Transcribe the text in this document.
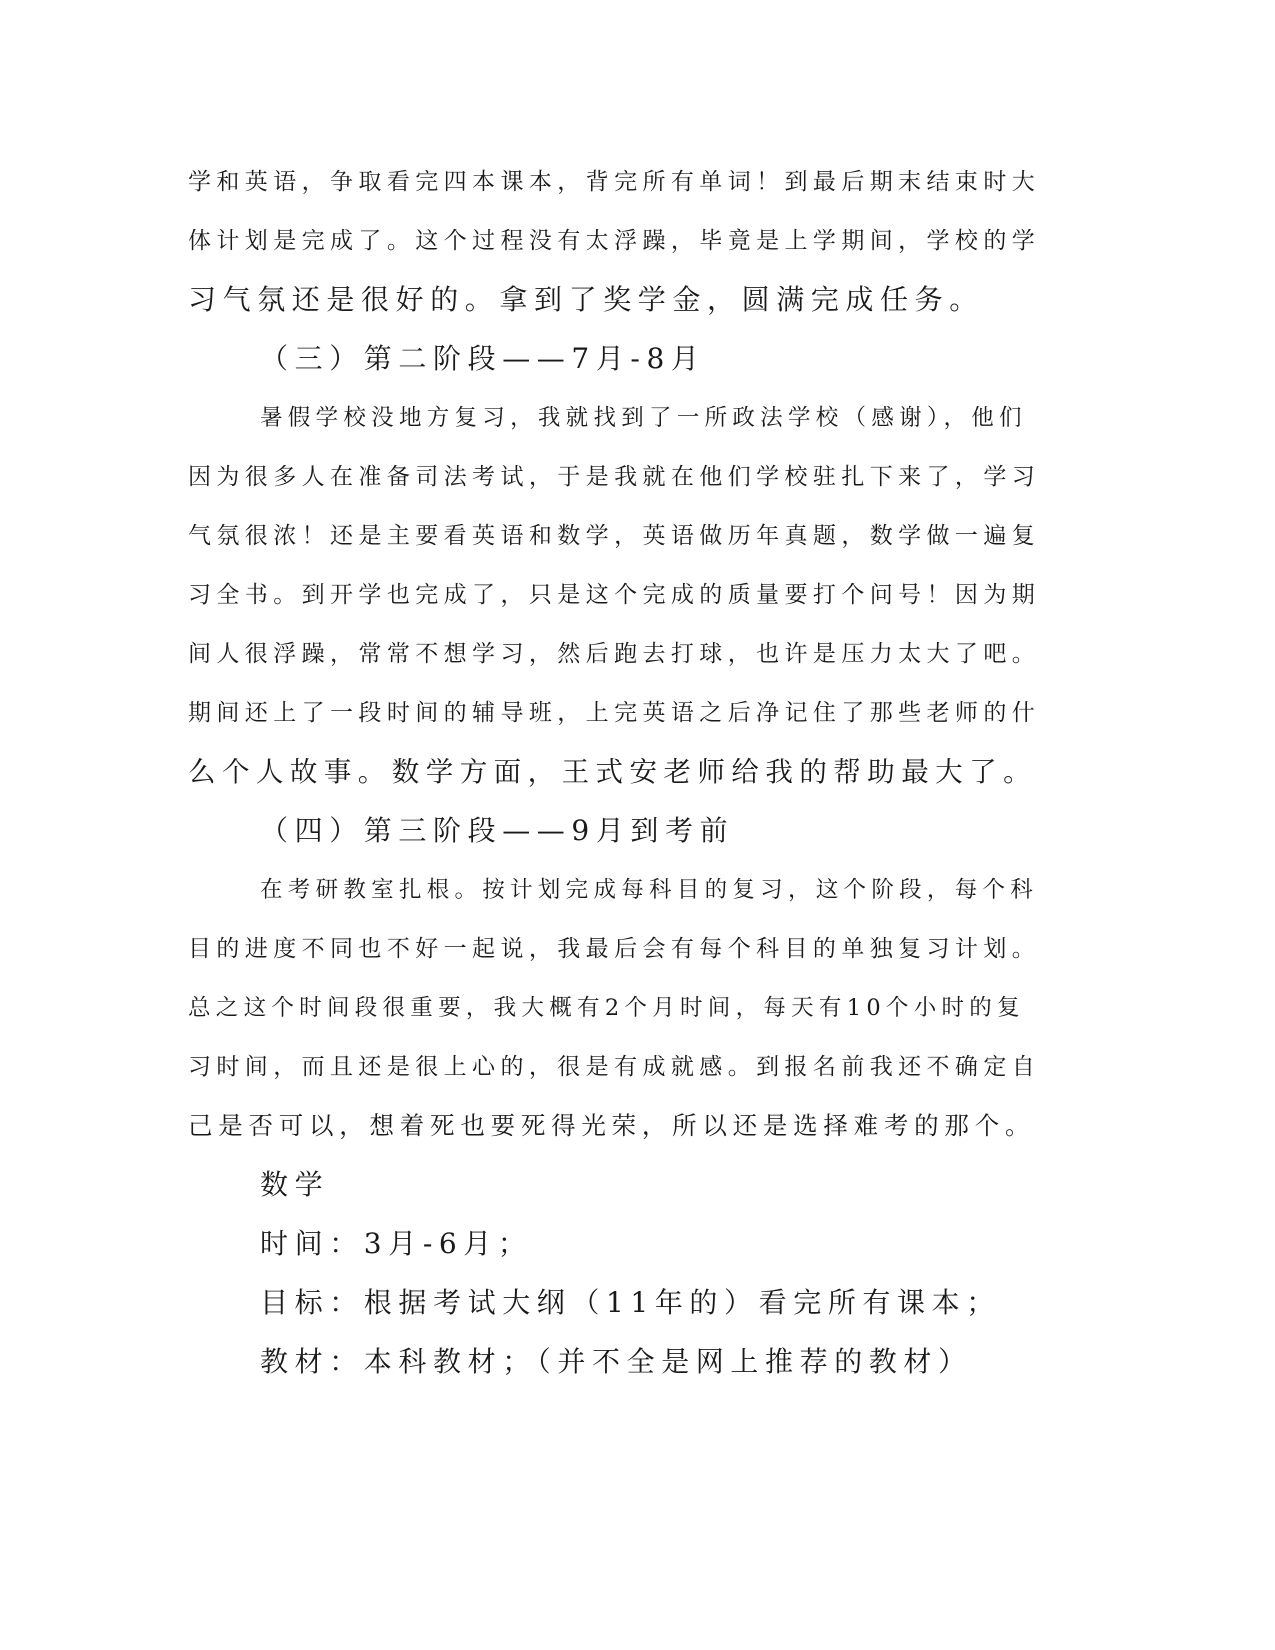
学和英语，争取看完四本课本，背完所有单词！到最后期末结束时大
体计划是完成了。这个过程没有太浮躁，毕竟是上学期间，学校的学
习气氛还是很好的。拿到了奖学金，圆满完成任务。
（三）第二阶段——7月-8月
暑假学校没地方复习，我就找到了一所政法学校（感谢），他们
因为很多人在准备司法考试，于是我就在他们学校驻扎下来了，学习
气氛很浓！还是主要看英语和数学，英语做历年真题，数学做一遍复
习全书。到开学也完成了，只是这个完成的质量要打个问号！因为期
间人很浮躁，常常不想学习，然后跑去打球，也许是压力太大了吧。
期间还上了一段时间的辅导班，上完英语之后净记住了那些老师的什
么个人故事。数学方面，王式安老师给我的帮助最大了。
（四）第三阶段——9月到考前
在考研教室扎根。按计划完成每科目的复习，这个阶段，每个科
目的进度不同也不好一起说，我最后会有每个科目的单独复习计划。
总之这个时间段很重要，我大概有2个月时间，每天有10个小时的复
习时间，而且还是很上心的，很是有成就感。到报名前我还不确定自
己是否可以，想着死也要死得光荣，所以还是选择难考的那个。
数学
时间：3月-6月；
目标：根据考试大纲（11年的）看完所有课本；
教材：本科教材；（并不全是网上推荐的教材）
